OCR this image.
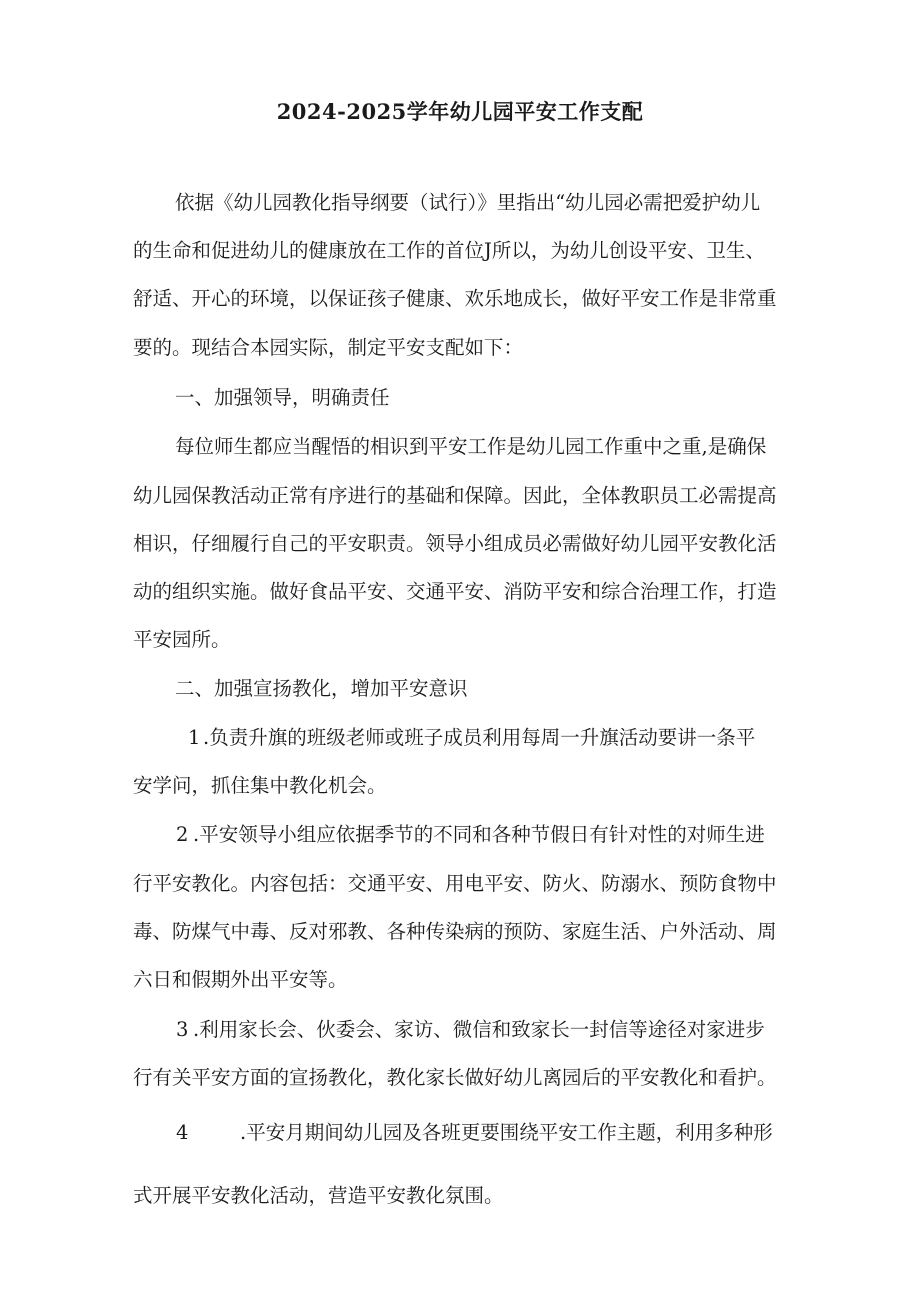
2024-2025学年幼儿园平安工作支配

依据《幼儿园教化指导纲要（试行）》里指出“幼儿园必需把爱护幼儿

的生命和促进幼儿的健康放在工作的首位J所以，为幼儿创设平安、卫生、

舒适、开心的环境，以保证孩子健康、欢乐地成长，做好平安工作是非常重

要的。现结合本园实际，制定平安支配如下：

一、加强领导，明确责任

每位师生都应当醒悟的相识到平安工作是幼儿园工作重中之重,是确保

幼儿园保教活动正常有序进行的基础和保障。因此，全体教职员工必需提高

相识，仔细履行自己的平安职责。领导小组成员必需做好幼儿园平安教化活

动的组织实施。做好食品平安、交通平安、消防平安和综合治理工作，打造

平安园所。

二、加强宣扬教化，增加平安意识

1 .负责升旗的班级老师或班子成员利用每周一升旗活动要讲一条平

安学问，抓住集中教化机会。

2 .平安领导小组应依据季节的不同和各种节假日有针对性的对师生进

行平安教化。内容包括：交通平安、用电平安、防火、防溺水、预防食物中

毒、防煤气中毒、反对邪教、各种传染病的预防、家庭生活、户外活动、周

六日和假期外出平安等。

3 .利用家长会、伙委会、家访、微信和致家长一封信等途径对家进步

行有关平安方面的宣扬教化，教化家长做好幼儿离园后的平安教化和看护。

4	.平安月期间幼儿园及各班更要围绕平安工作主题，利用多种形

式开展平安教化活动，营造平安教化氛围。
